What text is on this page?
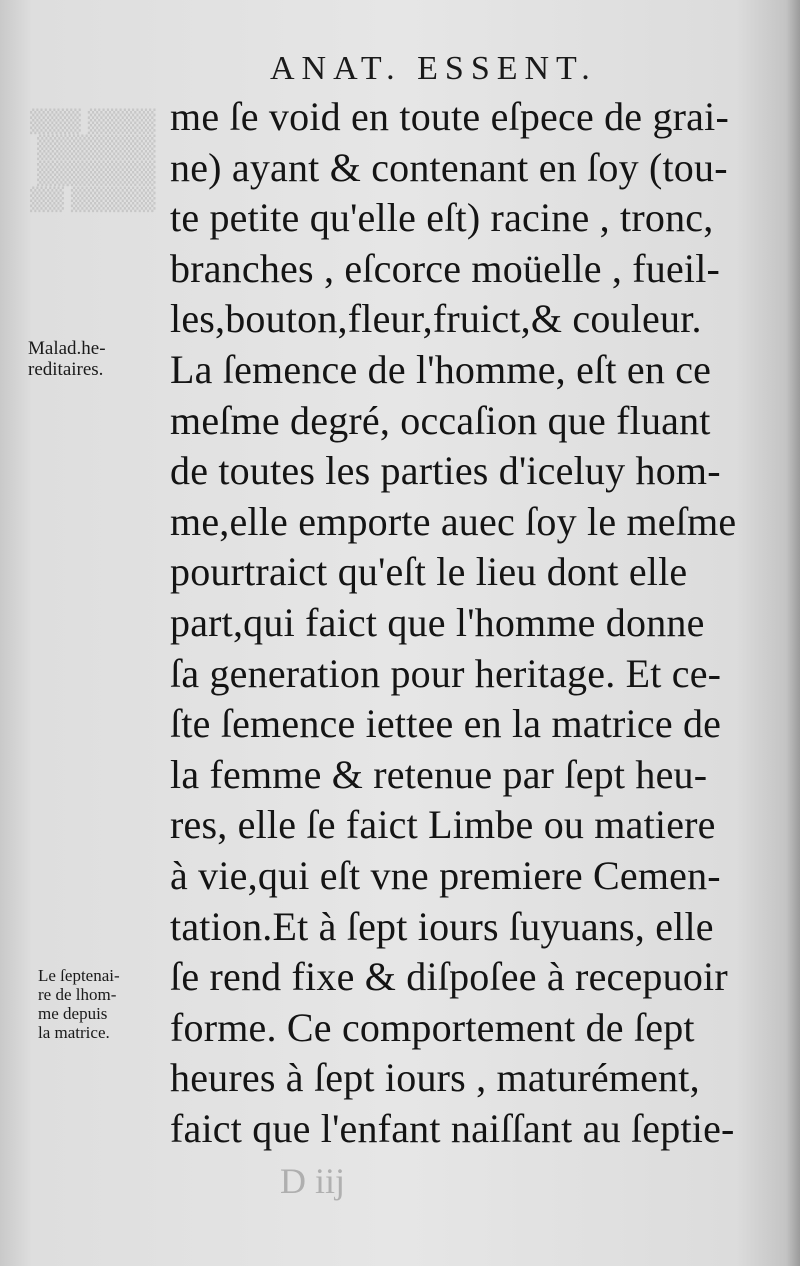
▒▒▒▒ ▒▒▒
▒▒▒▒▒▒▒
▒▒▒▒▒▒▒
▒▒▒▒▒ ▒▒
ANAT. ESSENT.
me ſe void en toute eſpece de grai-
ne) ayant & contenant en ſoy (tou-
te petite qu'elle eſt) racine , tronc,
branches , eſcorce moüelle , fueil-
les,bouton,fleur,fruict,& couleur.
La ſemence de l'homme, eſt en ce
meſme degré, occaſion que fluant
de toutes les parties d'iceluy hom-
me,elle emporte auec ſoy le meſme
pourtraict qu'eſt le lieu dont elle
part,qui faict que l'homme donne
ſa generation pour heritage. Et ce-
ſte ſemence iettee en la matrice de
la femme & retenue par ſept heu-
res, elle ſe faict Limbe ou matiere
à vie,qui eſt vne premiere Cemen-
tation.Et à ſept iours ſuyuans, elle
ſe rend fixe & diſpoſee à recepuoir
forme. Ce comportement de ſept
heures à ſept iours , maturément,
faict que l'enfant naiſſant au ſeptie-
Malad.he-
reditaires.
Le ſeptenai-
re de lhom-
me depuis
la matrice.
D iij
